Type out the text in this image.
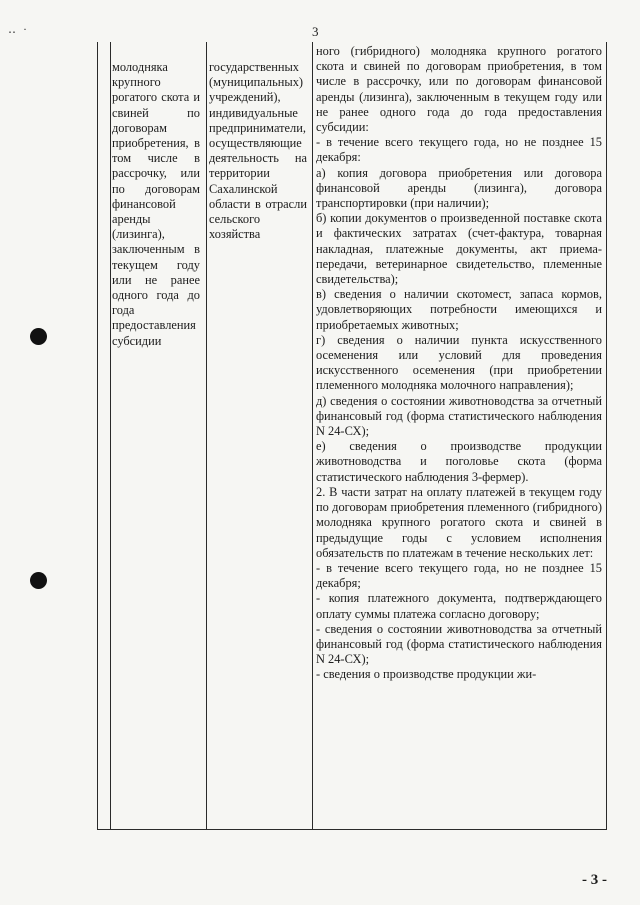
‥ ·	3
молодняка крупного рогатого скота и свиней по договорам приобретения, в том числе в рассрочку, или по договорам финансовой аренды (лизинга), заключенным в текущем году или не ранее одного года до года предоставления субсидии
государственных (муниципальных) учреждений), индивидуальные предприниматели, осуществляющие деятельность на территории Сахалинской области в отрасли сельского хозяйства

ного (гибридного) молодняка крупного рогатого скота и свиней по договорам приобретения, в том числе в рассрочку, или по договорам финансовой аренды (лизинга), заключенным в текущем году или не ранее одного года до года предоставления субсидии:

- в течение всего текущего года, но не позднее 15 декабря:

а) копия договора приобретения или договора финансовой аренды (лизинга), договора транспортировки (при наличии);

б) копии документов о произведенной поставке скота и фактических затратах (счет-фактура, товарная накладная, платежные документы, акт приема-передачи, ветеринарное свидетельство, племенные свидетельства);

в) сведения о наличии скотомест, запаса кормов, удовлетворяющих потребности имеющихся и приобретаемых животных;

г) сведения о наличии пункта искусственного осеменения или условий для проведения искусственного осеменения (при приобретении племенного молодняка молочного направления);

д) сведения о состоянии животноводства за отчетный финансовый год (форма статистического наблюдения N 24-СХ);

е) сведения о производстве продукции животноводства и поголовье скота (форма статистического наблюдения 3-фермер).

2. В части затрат на оплату платежей в текущем году по договорам приобретения племенного (гибридного) молодняка крупного рогатого скота и свиней в предыдущие годы с условием исполнения обязательств по платежам в течение нескольких лет:

- в течение всего текущего года, но не позднее 15 декабря;

- копия платежного документа, подтверждающего оплату суммы платежа согласно договору;

- сведения о состоянии животноводства за отчетный финансовый год (форма статистического наблюдения N 24-СХ);

- сведения о производстве продукции жи-

- 3 -
